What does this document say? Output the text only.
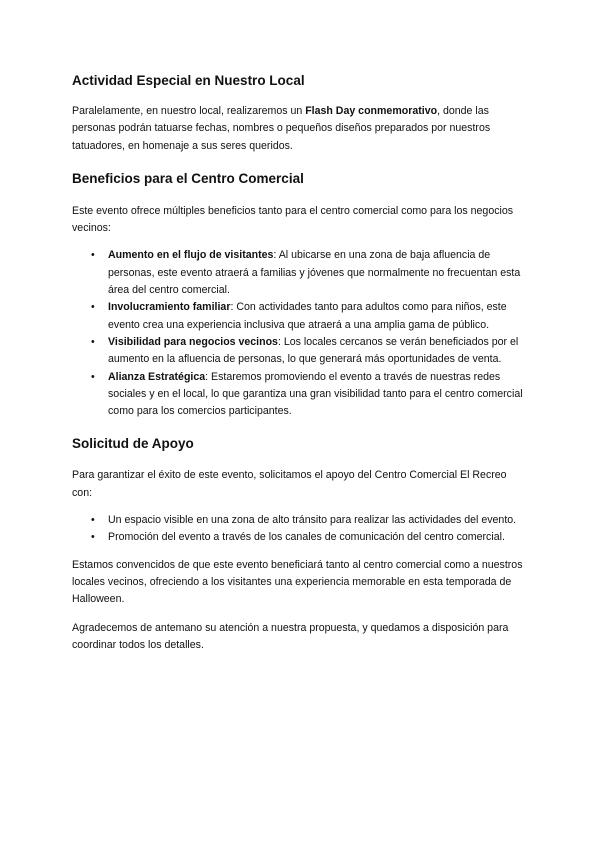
Actividad Especial en Nuestro Local

Paralelamente, en nuestro local, realizaremos un Flash Day conmemorativo, donde las personas podrán tatuarse fechas, nombres o pequeños diseños preparados por nuestros tatuadores, en homenaje a sus seres queridos.

Beneficios para el Centro Comercial

Este evento ofrece múltiples beneficios tanto para el centro comercial como para los negocios vecinos:

• Aumento en el flujo de visitantes: Al ubicarse en una zona de baja afluencia de personas, este evento atraerá a familias y jóvenes que normalmente no frecuentan esta área del centro comercial.
• Involucramiento familiar: Con actividades tanto para adultos como para niños, este evento crea una experiencia inclusiva que atraerá a una amplia gama de público.
• Visibilidad para negocios vecinos: Los locales cercanos se verán beneficiados por el aumento en la afluencia de personas, lo que generará más oportunidades de venta.
• Alianza Estratégica: Estaremos promoviendo el evento a través de nuestras redes sociales y en el local, lo que garantiza una gran visibilidad tanto para el centro comercial como para los comercios participantes.
Solicitud de Apoyo

Para garantizar el éxito de este evento, solicitamos el apoyo del Centro Comercial El Recreo con:

• Un espacio visible en una zona de alto tránsito para realizar las actividades del evento.
• Promoción del evento a través de los canales de comunicación del centro comercial.

Estamos convencidos de que este evento beneficiará tanto al centro comercial como a nuestros locales vecinos, ofreciendo a los visitantes una experiencia memorable en esta temporada de Halloween.

Agradecemos de antemano su atención a nuestra propuesta, y quedamos a disposición para coordinar todos los detalles.
